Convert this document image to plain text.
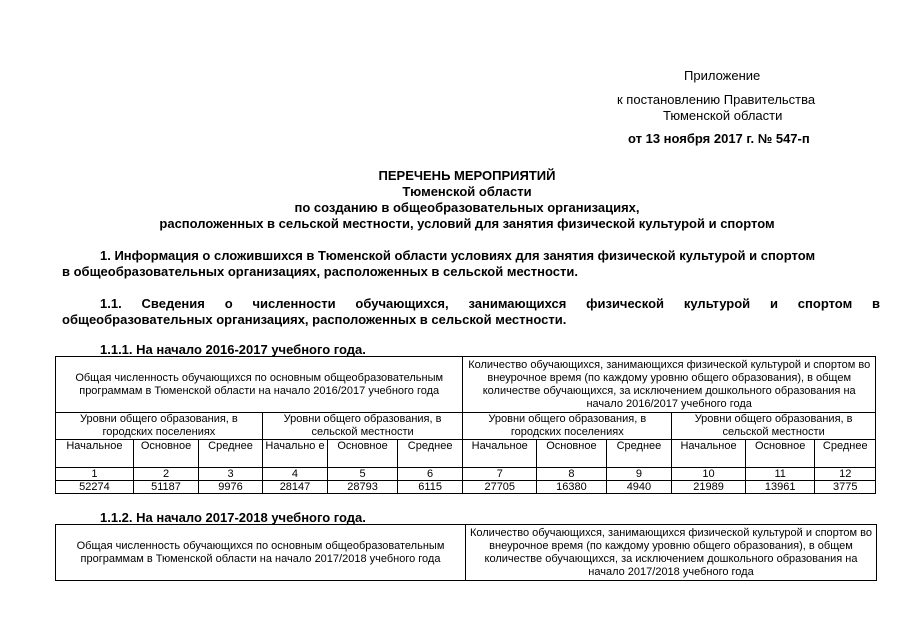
Приложение
к постановлению Правительства
Тюменской области
от 13 ноября 2017 г. № 547-п
ПЕРЕЧЕНЬ МЕРОПРИЯТИЙ
Тюменской области
по созданию в общеобразовательных организациях,
расположенных в сельской местности, условий для занятия физической культурой и спортом
1. Информация о сложившихся в Тюменской области условиях для занятия физической культурой и спортом
в общеобразовательных организациях, расположенных в сельской местности.
1.1. Сведения о численности обучающихся, занимающихся физической культурой и спортом в
общеобразовательных организациях, расположенных в сельской местности.
1.1.1. На начало 2016-2017 учебного года.
Общая численность обучающихся по основным общеобразовательным программам в Тюменской области на начало 2016/2017 учебного года						Количество обучающихся, занимающихся физической культурой и спортом во внеурочное время (по каждому уровню общего образования), в общем количестве обучающихся, за исключением дошкольного образования на начало 2016/2017 учебного года					
Уровни общего образования, в городских поселениях			Уровни общего образования, в сельской местности			Уровни общего образования, в городских поселениях			Уровни общего образования, в сельской местности		
Начальное	Основное	Среднее	Начально е	Основное	Среднее	Начальное	Основное	Среднее	Начальное	Основное	Среднее
1	2	3	4	5	6	7	8	9	10	11	12
52274	51187	9976	28147	28793	6115	27705	16380	4940	21989	13961	3775
1.1.2. На начало 2017-2018 учебного года.
Общая численность обучающихся по основным общеобразовательным программам в Тюменской области на начало 2017/2018 учебного года	Количество обучающихся, занимающихся физической культурой и спортом во внеурочное время (по каждому уровню общего образования), в общем количестве обучающихся, за исключением дошкольного образования на начало 2017/2018 учебного года
